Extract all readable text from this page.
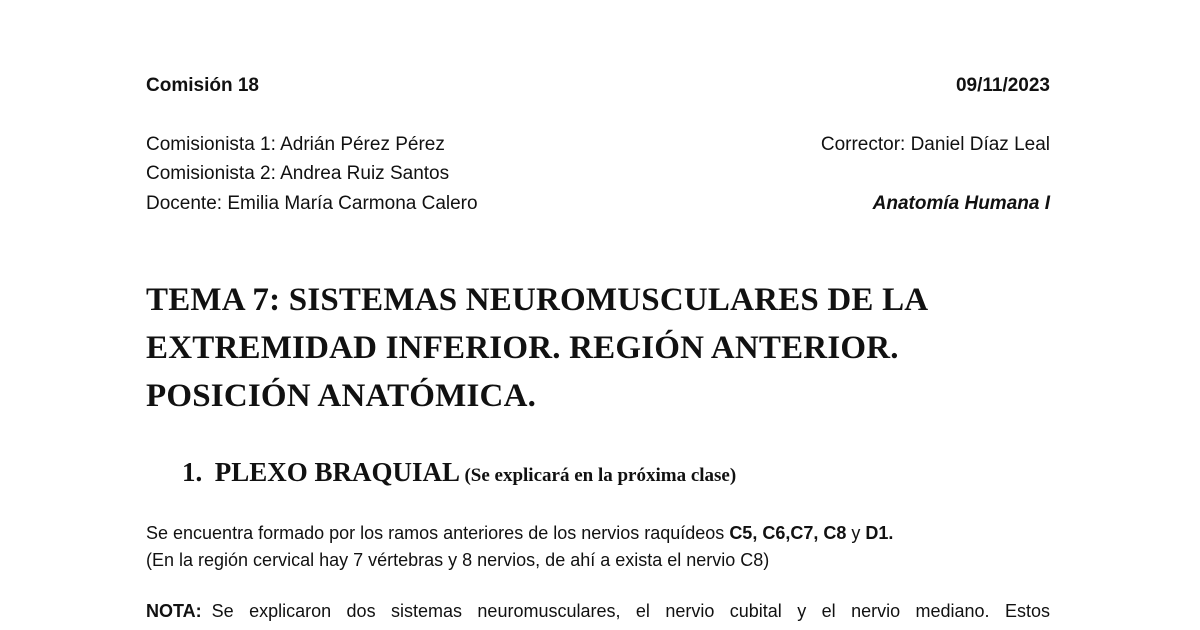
Comisión 18	09/11/2023
Comisionista 1: Adrián Pérez Pérez
Comisionista 2: Andrea Ruiz Santos
Docente: Emilia María Carmona Calero
Corrector: Daniel Díaz Leal
Anatomía Humana I
TEMA 7: SISTEMAS NEUROMUSCULARES DE LA
EXTREMIDAD INFERIOR. REGIÓN ANTERIOR.
POSICIÓN ANATÓMICA.
1. PLEXO BRAQUIAL (Se explicará en la próxima clase)
Se encuentra formado por los ramos anteriores de los nervios raquídeos C5, C6,C7, C8 y D1.
(En la región cervical hay 7 vértebras y 8 nervios, de ahí a exista el nervio C8)
NOTA: Se explicaron dos sistemas neuromusculares, el nervio cubital y el nervio mediano. Estos
